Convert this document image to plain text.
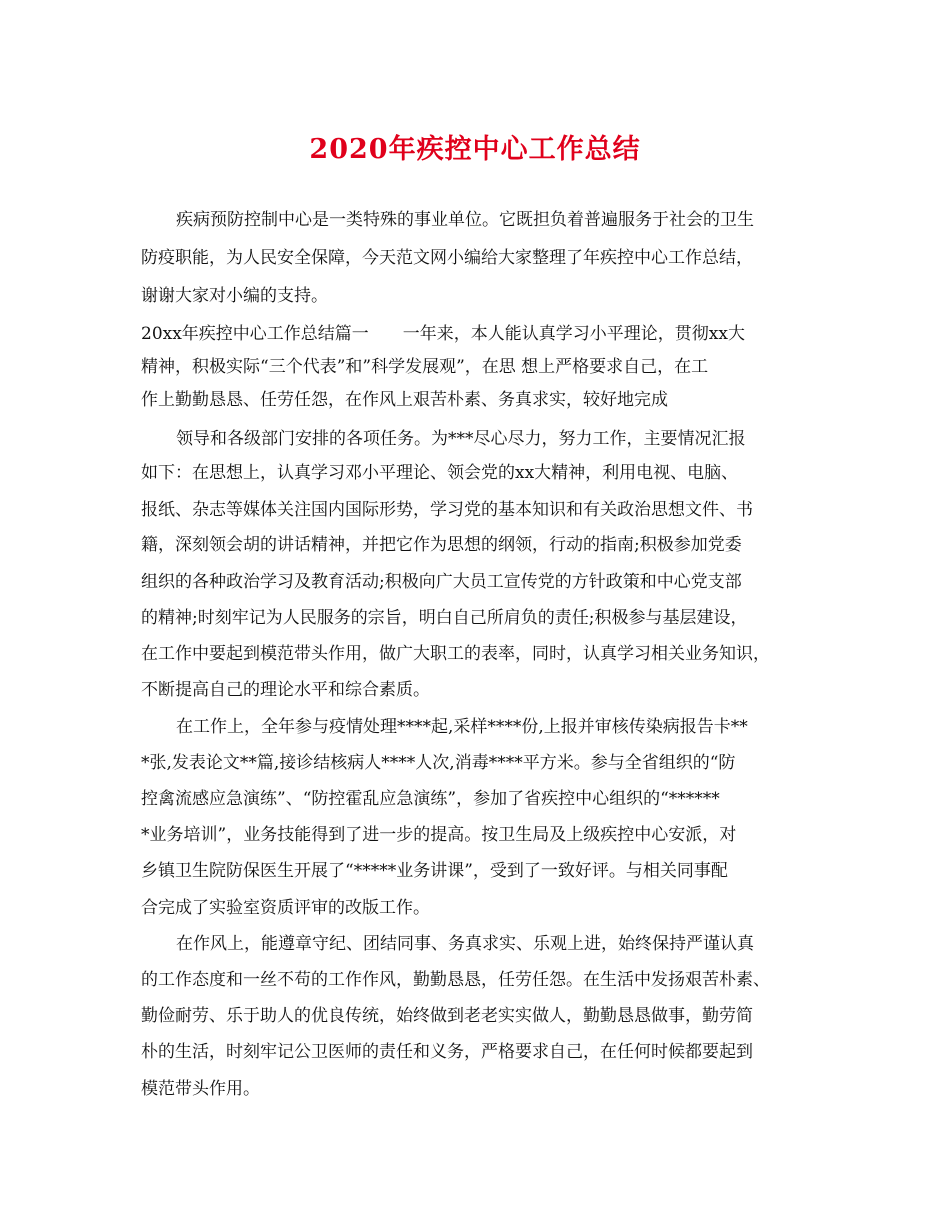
2020年疾控中心工作总结
疾病预防控制中心是一类特殊的事业单位。它既担负着普遍服务于社会的卫生
防疫职能，为人民安全保障，今天范文网小编给大家整理了年疾控中心工作总结，
谢谢大家对小编的支持。
20xx年疾控中心工作总结篇一　　一年来，本人能认真学习小平理论，贯彻xx大
精神，积极实际“三个代表”和”科学发展观”，在思 想上严格要求自己，在工
作上勤勤恳恳、任劳任怨，在作风上艰苦朴素、务真求实，较好地完成
领导和各级部门安排的各项任务。为***尽心尽力，努力工作，主要情况汇报
如下：在思想上，认真学习邓小平理论、领会党的xx大精神，利用电视、电脑、
报纸、杂志等媒体关注国内国际形势，学习党的基本知识和有关政治思想文件、书
籍，深刻领会胡的讲话精神，并把它作为思想的纲领，行动的指南;积极参加党委
组织的各种政治学习及教育活动;积极向广大员工宣传党的方针政策和中心党支部
的精神;时刻牢记为人民服务的宗旨，明白自己所肩负的责任;积极参与基层建设，
在工作中要起到模范带头作用，做广大职工的表率，同时，认真学习相关业务知识，
不断提高自己的理论水平和综合素质。
在工作上，全年参与疫情处理****起,采样****份,上报并审核传染病报告卡**
*张,发表论文**篇,接诊结核病人****人次,消毒****平方米。参与全省组织的“防
控禽流感应急演练”、“防控霍乱应急演练”，参加了省疾控中心组织的“******
*业务培训”，业务技能得到了进一步的提高。按卫生局及上级疾控中心安派，对
乡镇卫生院防保医生开展了“*****业务讲课”，受到了一致好评。与相关同事配
合完成了实验室资质评审的改版工作。
在作风上，能遵章守纪、团结同事、务真求实、乐观上进，始终保持严谨认真
的工作态度和一丝不苟的工作作风，勤勤恳恳，任劳任怨。在生活中发扬艰苦朴素、
勤俭耐劳、乐于助人的优良传统，始终做到老老实实做人，勤勤恳恳做事，勤劳简
朴的生活，时刻牢记公卫医师的责任和义务，严格要求自己，在任何时候都要起到
模范带头作用。
